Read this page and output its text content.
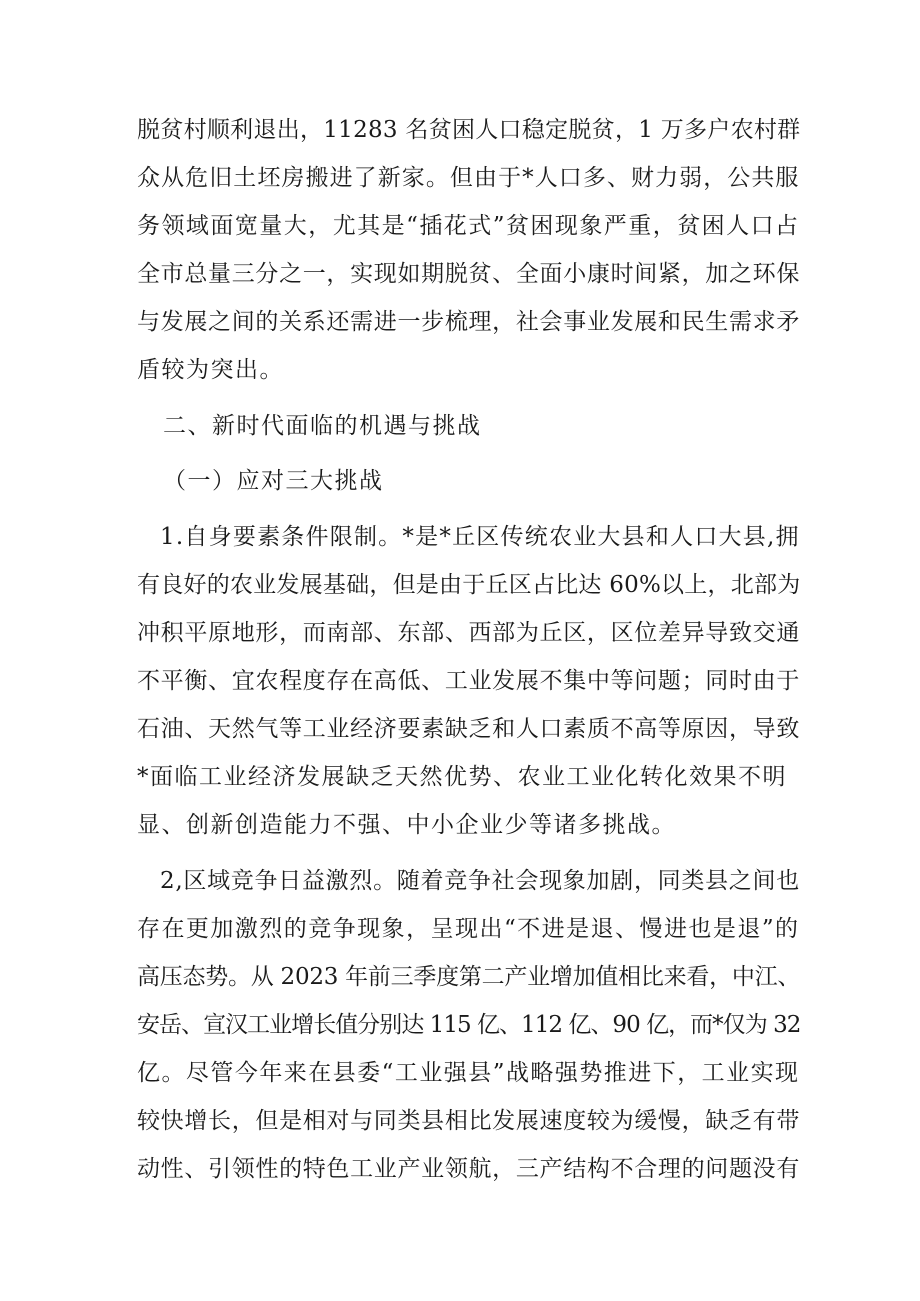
脱贫村顺利退出，11283 名贫困人口稳定脱贫，1 万多户农村群
众从危旧土坯房搬进了新家。但由于*人口多、财力弱，公共服
务领域面宽量大，尤其是“插花式”贫困现象严重，贫困人口占
全市总量三分之一，实现如期脱贫、全面小康时间紧，加之环保
与发展之间的关系还需进一步梳理，社会事业发展和民生需求矛
盾较为突出。
二、新时代面临的机遇与挑战
（一）应对三大挑战
1.自身要素条件限制。*是*丘区传统农业大县和人口大县,拥
有良好的农业发展基础，但是由于丘区占比达 60%以上，北部为
冲积平原地形，而南部、东部、西部为丘区，区位差异导致交通
不平衡、宜农程度存在高低、工业发展不集中等问题；同时由于
石油、天然气等工业经济要素缺乏和人口素质不高等原因，导致
*面临工业经济发展缺乏天然优势、农业工业化转化效果不明
显、创新创造能力不强、中小企业少等诸多挑战。
2,区域竞争日益激烈。随着竞争社会现象加剧，同类县之间也
存在更加激烈的竞争现象，呈现出“不进是退、慢进也是退”的
高压态势。从 2023 年前三季度第二产业增加值相比来看，中江、
安岳、宣汉工业增长值分别达 115 亿、112 亿、90 亿，而*仅为 32
亿。尽管今年来在县委“工业强县”战略强势推进下，工业实现
较快增长，但是相对与同类县相比发展速度较为缓慢，缺乏有带
动性、引领性的特色工业产业领航，三产结构不合理的问题没有
